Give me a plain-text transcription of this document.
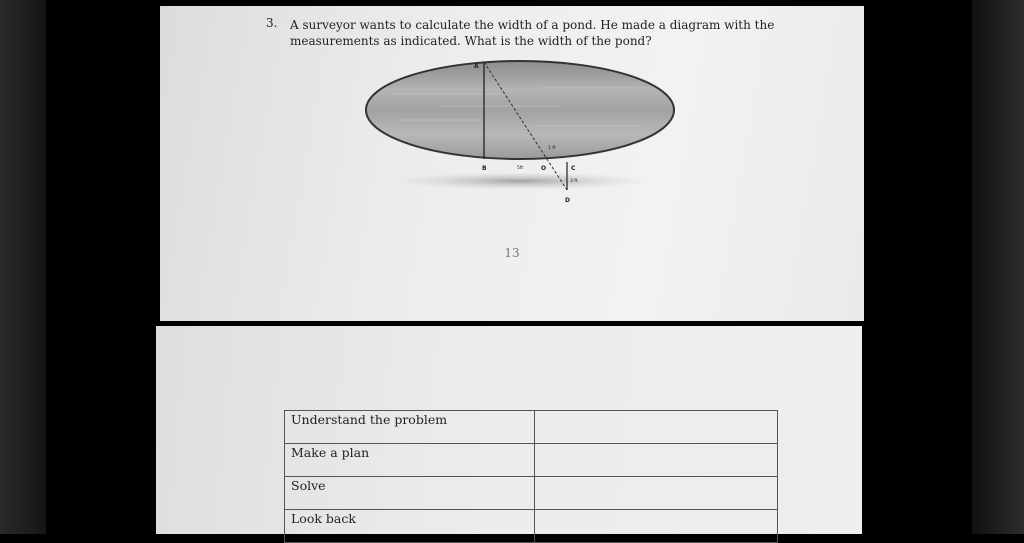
3. A surveyor wants to calculate the width of a pond. He made a diagram with the measurements as indicated. What is the width of the pond?
A
B	O	C
D
5ft
1 ft
3 ft
13
Understand the problem	
Make a plan	
Solve	
Look back	
